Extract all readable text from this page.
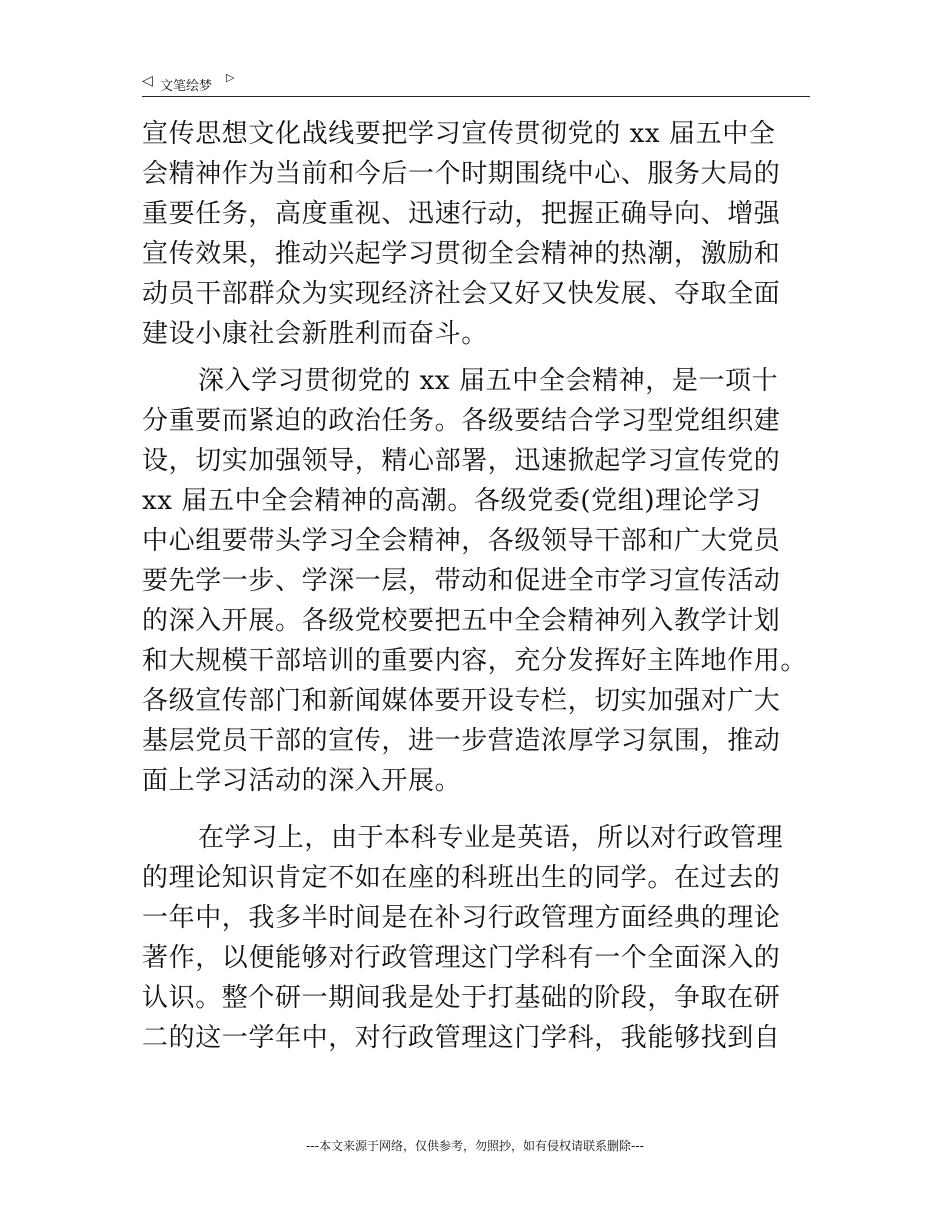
◁ 文笔绘梦
▷
宣传思想文化战线要把学习宣传贯彻党的 xx 届五中全
会精神作为当前和今后一个时期围绕中心、服务大局的
重要任务，高度重视、迅速行动，把握正确导向、增强
宣传效果，推动兴起学习贯彻全会精神的热潮，激励和
动员干部群众为实现经济社会又好又快发展、夺取全面
建设小康社会新胜利而奋斗。
深入学习贯彻党的 xx 届五中全会精神，是一项十
分重要而紧迫的政治任务。各级要结合学习型党组织建
设，切实加强领导，精心部署，迅速掀起学习宣传党的
xx 届五中全会精神的高潮。各级党委(党组)理论学习
中心组要带头学习全会精神，各级领导干部和广大党员
要先学一步、学深一层，带动和促进全市学习宣传活动
的深入开展。各级党校要把五中全会精神列入教学计划
和大规模干部培训的重要内容，充分发挥好主阵地作用。
各级宣传部门和新闻媒体要开设专栏，切实加强对广大
基层党员干部的宣传，进一步营造浓厚学习氛围，推动
面上学习活动的深入开展。
在学习上，由于本科专业是英语，所以对行政管理
的理论知识肯定不如在座的科班出生的同学。在过去的
一年中，我多半时间是在补习行政管理方面经典的理论
著作，以便能够对行政管理这门学科有一个全面深入的
认识。整个研一期间我是处于打基础的阶段，争取在研
二的这一学年中，对行政管理这门学科，我能够找到自
---本文来源于网络，仅供参考，勿照抄，如有侵权请联系删除---
